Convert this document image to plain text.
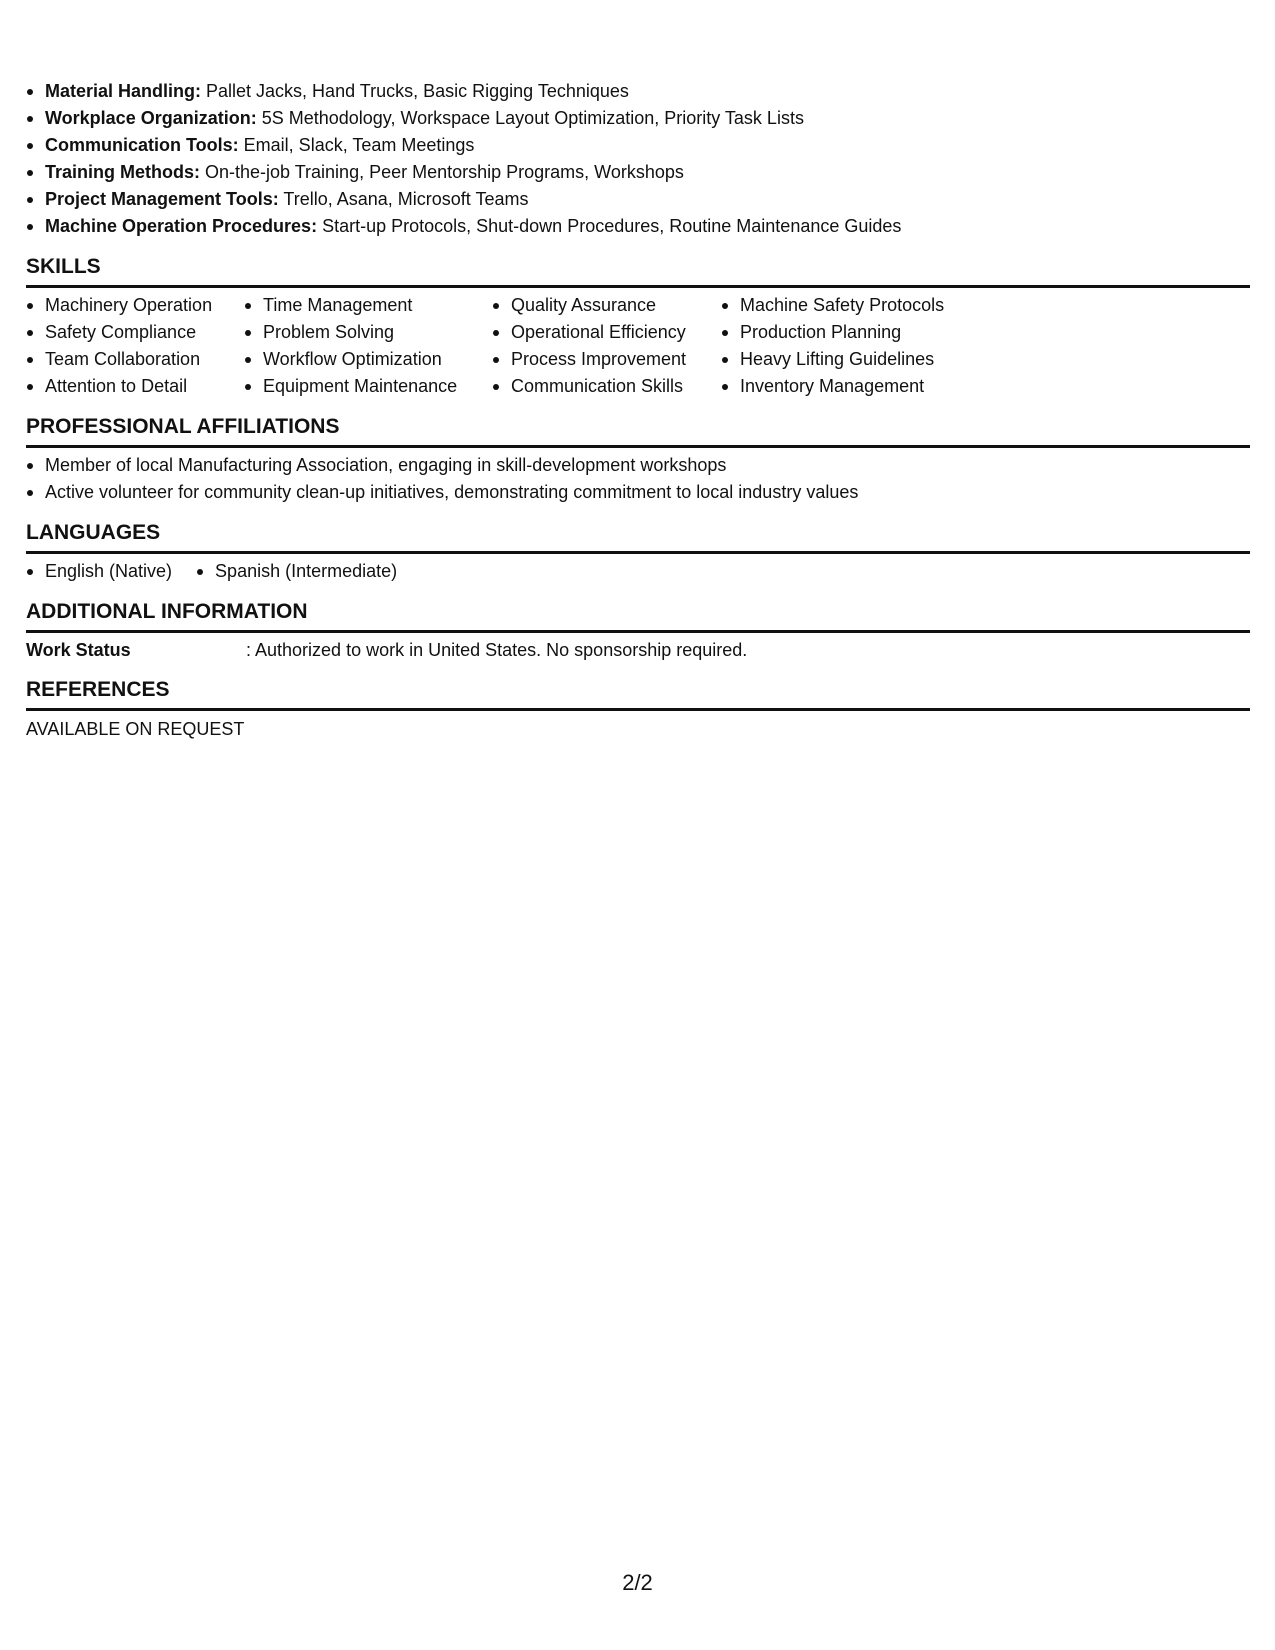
Material Handling: Pallet Jacks, Hand Trucks, Basic Rigging Techniques
Workplace Organization: 5S Methodology, Workspace Layout Optimization, Priority Task Lists
Communication Tools: Email, Slack, Team Meetings
Training Methods: On-the-job Training, Peer Mentorship Programs, Workshops
Project Management Tools: Trello, Asana, Microsoft Teams
Machine Operation Procedures: Start-up Protocols, Shut-down Procedures, Routine Maintenance Guides
SKILLS
Machinery Operation
Safety Compliance
Team Collaboration
Attention to Detail
Time Management
Problem Solving
Workflow Optimization
Equipment Maintenance
Quality Assurance
Operational Efficiency
Process Improvement
Communication Skills
Machine Safety Protocols
Production Planning
Heavy Lifting Guidelines
Inventory Management
PROFESSIONAL AFFILIATIONS
Member of local Manufacturing Association, engaging in skill-development workshops
Active volunteer for community clean-up initiatives, demonstrating commitment to local industry values
LANGUAGES
English (Native)	Spanish (Intermediate)
ADDITIONAL INFORMATION
Work Status	: Authorized to work in United States. No sponsorship required.
REFERENCES
AVAILABLE ON REQUEST
2/2
